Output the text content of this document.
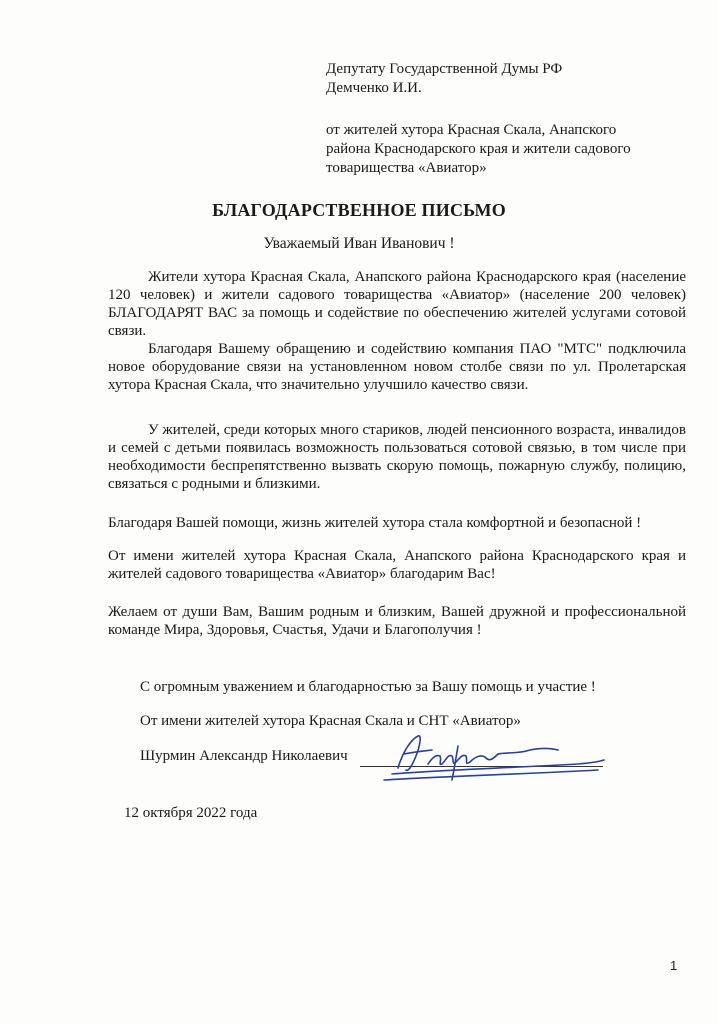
Депутату Государственной Думы РФ
Демченко И.И.
от жителей хутора Красная Скала, Анапского
района Краснодарского края и жители садового
товарищества «Авиатор»
БЛАГОДАРСТВЕННОЕ ПИСЬМО
Уважаемый Иван Иванович !

Жители хутора Красная Скала, Анапского района Краснодарского края (население 120 человек) и жители садового товарищества «Авиатор» (население 200 человек) БЛАГОДАРЯТ ВАС за помощь и содействие по обеспечению жителей услугами сотовой связи.

Благодаря Вашему обращению и содействию компания ПАО "МТС" подключила новое оборудование связи на установленном новом столбе связи по ул. Пролетарская хутора Красная Скала, что значительно улучшило качество связи.

У жителей, среди которых много стариков, людей пенсионного возраста, инвалидов и семей с детьми появилась возможность пользоваться сотовой связью, в том числе при необходимости беспрепятственно вызвать скорую помощь, пожарную службу, полицию, связаться с родными и близкими.

Благодаря Вашей помощи, жизнь жителей хутора стала комфортной и безопасной !

От имени жителей хутора Красная Скала, Анапского района Краснодарского края и жителей садового товарищества «Авиатор» благодарим Вас!

Желаем от души Вам, Вашим родным и близким, Вашей дружной и профессиональной команде Мира, Здоровья, Счастья, Удачи и Благополучия !

С огромным уважением и благодарностью за Вашу помощь и участие !
От имени жителей хутора Красная Скала и СНТ «Авиатор»
Шурмин Александр Николаевич
12 октября 2022 года
1
